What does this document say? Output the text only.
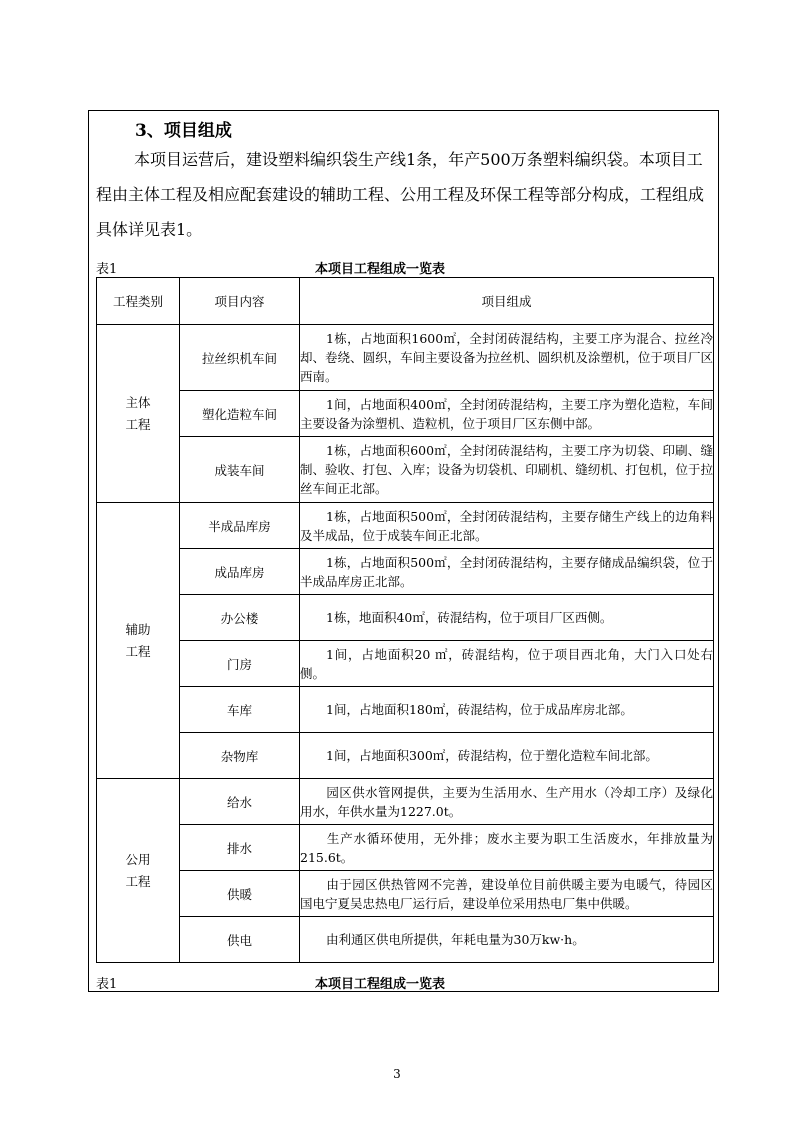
3、项目组成
本项目运营后，建设塑料编织袋生产线1条，年产500万条塑料编织袋。本项目工程由主体工程及相应配套建设的辅助工程、公用工程及环保工程等部分构成，工程组成具体详见表1。
表1	本项目工程组成一览表
工程类别	项目内容	项目组成

主体
工程	拉丝织机车间	1栋，占地面积1600㎡，全封闭砖混结构，主要工序为混合、拉丝冷却、卷绕、圆织，车间主要设备为拉丝机、圆织机及涂塑机，位于项目厂区西南。
	塑化造粒车间	1间，占地面积400㎡，全封闭砖混结构，主要工序为塑化造粒，车间主要设备为涂塑机、造粒机，位于项目厂区东侧中部。
	成装车间	1栋，占地面积600㎡，全封闭砖混结构，主要工序为切袋、印刷、缝制、验收、打包、入库；设备为切袋机、印刷机、缝纫机、打包机，位于拉丝车间正北部。

辅助
工程	半成品库房	1栋，占地面积500㎡，全封闭砖混结构，主要存储生产线上的边角料及半成品，位于成装车间正北部。
	成品库房	1栋，占地面积500㎡，全封闭砖混结构，主要存储成品编织袋，位于半成品库房正北部。
	办公楼	1栋，地面积40㎡，砖混结构，位于项目厂区西侧。
	门房	1间，占地面积20 ㎡，砖混结构，位于项目西北角，大门入口处右侧。
	车库	1间，占地面积180㎡，砖混结构，位于成品库房北部。
	杂物库	1间，占地面积300㎡，砖混结构，位于塑化造粒车间北部。

公用
工程	给水	园区供水管网提供，主要为生活用水、生产用水（冷却工序）及绿化用水，年供水量为1227.0t。
	排水	生产水循环使用，无外排；废水主要为职工生活废水，年排放量为215.6t。
	供暖	由于园区供热管网不完善，建设单位目前供暖主要为电暖气，待园区国电宁夏吴忠热电厂运行后，建设单位采用热电厂集中供暖。
	供电	由利通区供电所提供，年耗电量为30万kw·h。
表1	本项目工程组成一览表
3
